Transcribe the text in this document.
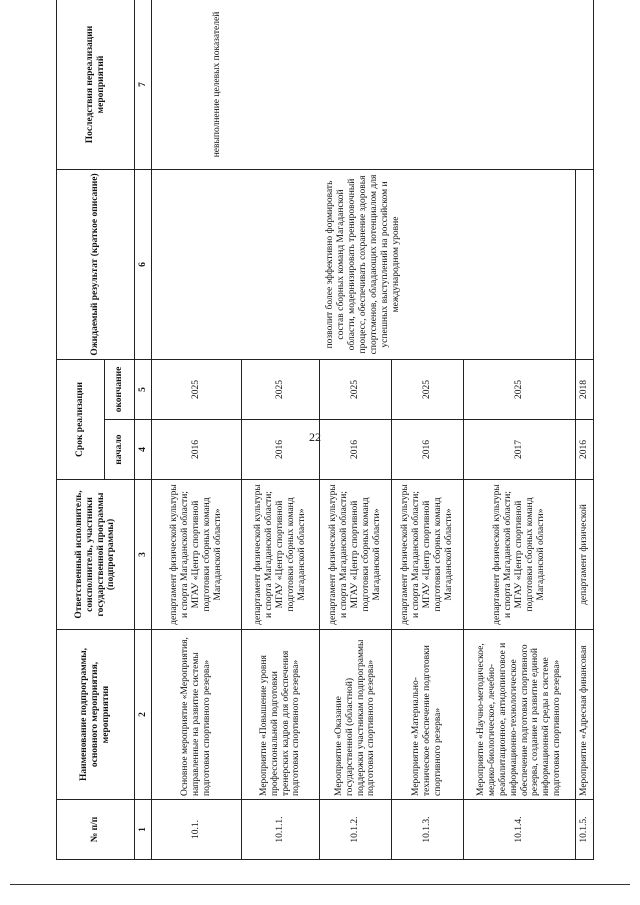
22
№ п/п	Наименование подпрограммы, основного мероприятия, мероприятия	Ответственный исполнитель, соисполнитель, участники государственной программы (подпрограммы)	Срок реализации		Ожидаемый результат (краткое описание)	Последствия нереализации мероприятий
			начало	окончание		
1	2	3	4	5	6	7
10.1.	Основное мероприятие «Мероприятия, направленные на развитие системы подготовки спортивного резерва»	департамент физической культуры и спорта Магаданской области; МГАУ «Центр спортивной подготовки сборных команд Магаданской области»	2016	2025	позволит более эффективно формировать состав сборных команд Магаданской области, модернизировать тренировочный процесс, обеспечивать сохранение здоровья спортсменов, обладающих потенциалом для успешных выступлений на российском и международном уровне	невыполнение целевых показателей
10.1.1.	Мероприятие «Повышение уровня профессиональной подготовки тренерских кадров для обеспечения подготовки спортивного резерва»	департамент физической культуры и спорта Магаданской области; МГАУ «Центр спортивной подготовки сборных команд Магаданской области»	2016	2025		
10.1.2.	Мероприятие «Оказание государственной (областной) поддержки участникам подпрограммы подготовки спортивного резерва»	департамент физической культуры и спорта Магаданской области; МГАУ «Центр спортивной подготовки сборных команд Магаданской области»	2016	2025		
10.1.3.	Мероприятие «Материально-техническое обеспечение подготовки спортивного резерва»	департамент физической культуры и спорта Магаданской области; МГАУ «Центр спортивной подготовки сборных команд Магаданской области»	2016	2025		
10.1.4.	Мероприятие «Научно-методическое, медико-биологическое, лечебно-реабилитационное, антидопинговое и информационно-технологическое обеспечение подготовки спортивного резерва, создание и развитие единой информационной среды в системе подготовки спортивного резерва»	департамент физической культуры и спорта Магаданской области; МГАУ «Центр спортивной подготовки сборных команд Магаданской области»	2017	2025		
10.1.5.	Мероприятие «Адресная финансовая	департамент физической	2016	2018		
